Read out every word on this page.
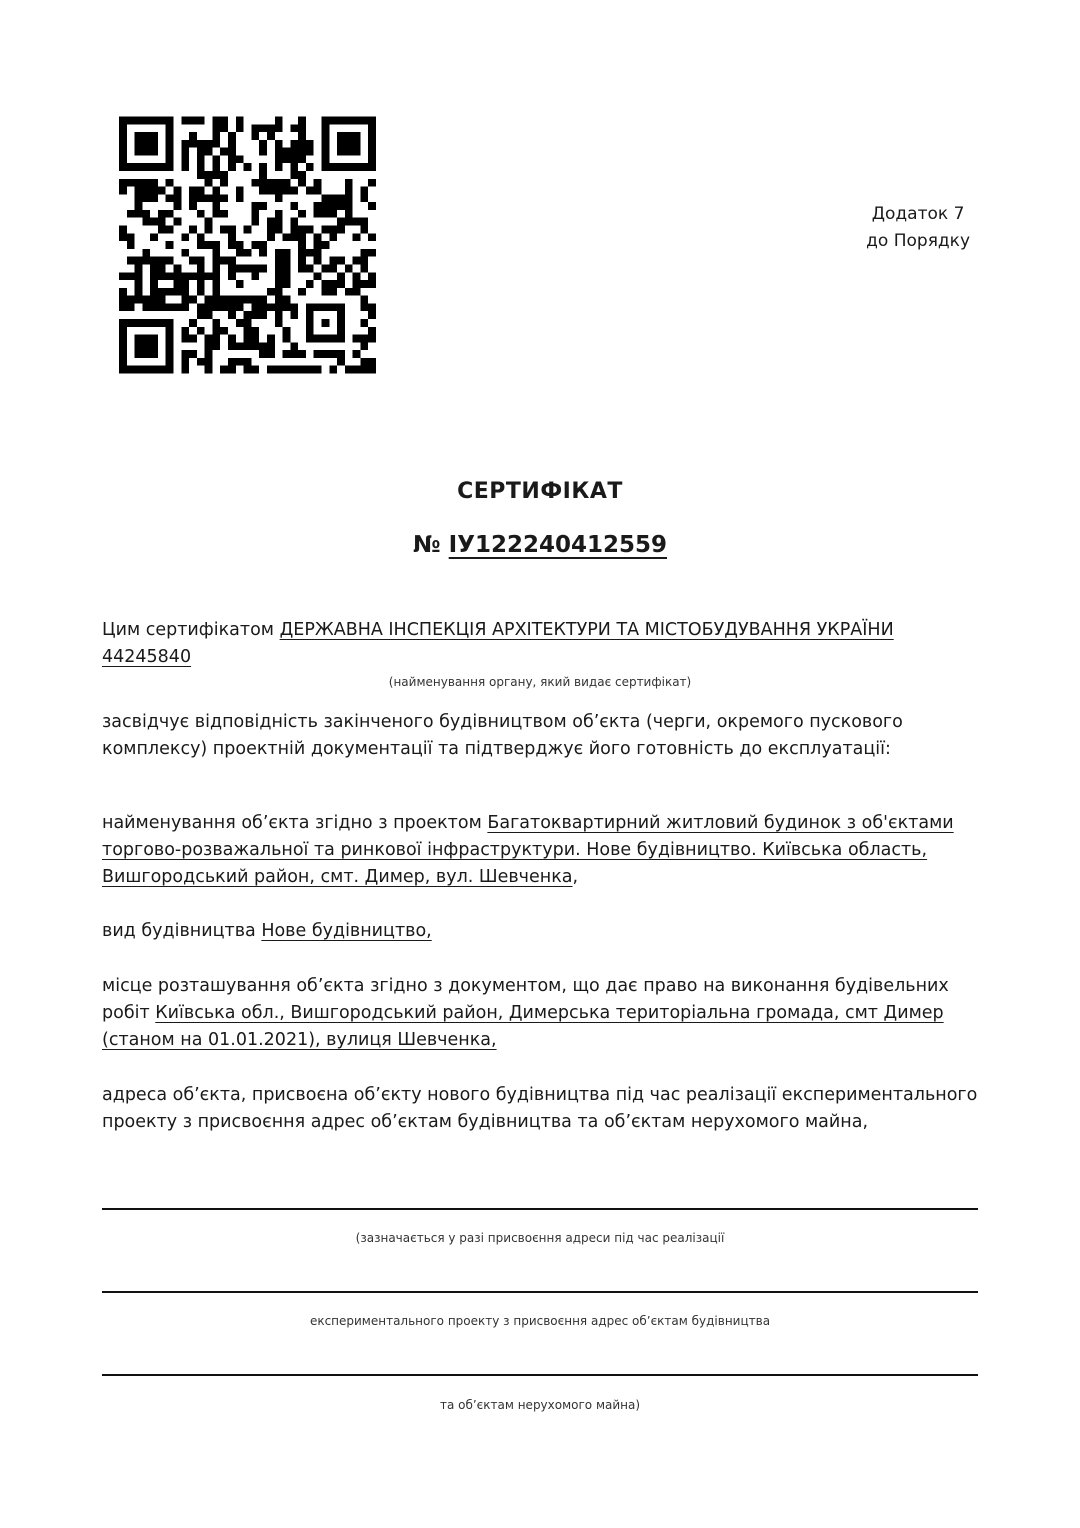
Додаток 7
до Порядку
СЕРТИФІКАТ
№ ІУ122240412559

Цим сертифікатом ДЕРЖАВНА ІНСПЕКЦІЯ АРХІТЕКТУРИ ТА МІСТОБУДУВАННЯ УКРАЇНИ
44245840

(найменування органу, який видає сертифікат)

засвідчує відповідність закінченого будівництвом об’єкта (черги, окремого пускового комплексу) проектній документації та підтверджує його готовність до експлуатації:

найменування об’єкта згідно з проектом Багатоквартирний житловий будинок з об'єктами торгово-розважальної та ринкової інфраструктури. Нове будівництво. Київська область, Вишгородський район, смт. Димер, вул. Шевченка,

вид будівництва Нове будівництво,

місце розташування об’єкта згідно з документом, що дає право на виконання будівельних робіт Київська обл., Вишгородський район, Димерська територіальна громада, смт Димер (станом на 01.01.2021), вулиця Шевченка,

адреса об’єкта, присвоєна об’єкту нового будівництва під час реалізації експериментального проекту з присвоєння адрес об’єктам будівництва та об’єктам нерухомого майна,

(зазначається у разі присвоєння адреси під час реалізації
експериментального проекту з присвоєння адрес об’єктам будівництва
та об’єктам нерухомого майна)
